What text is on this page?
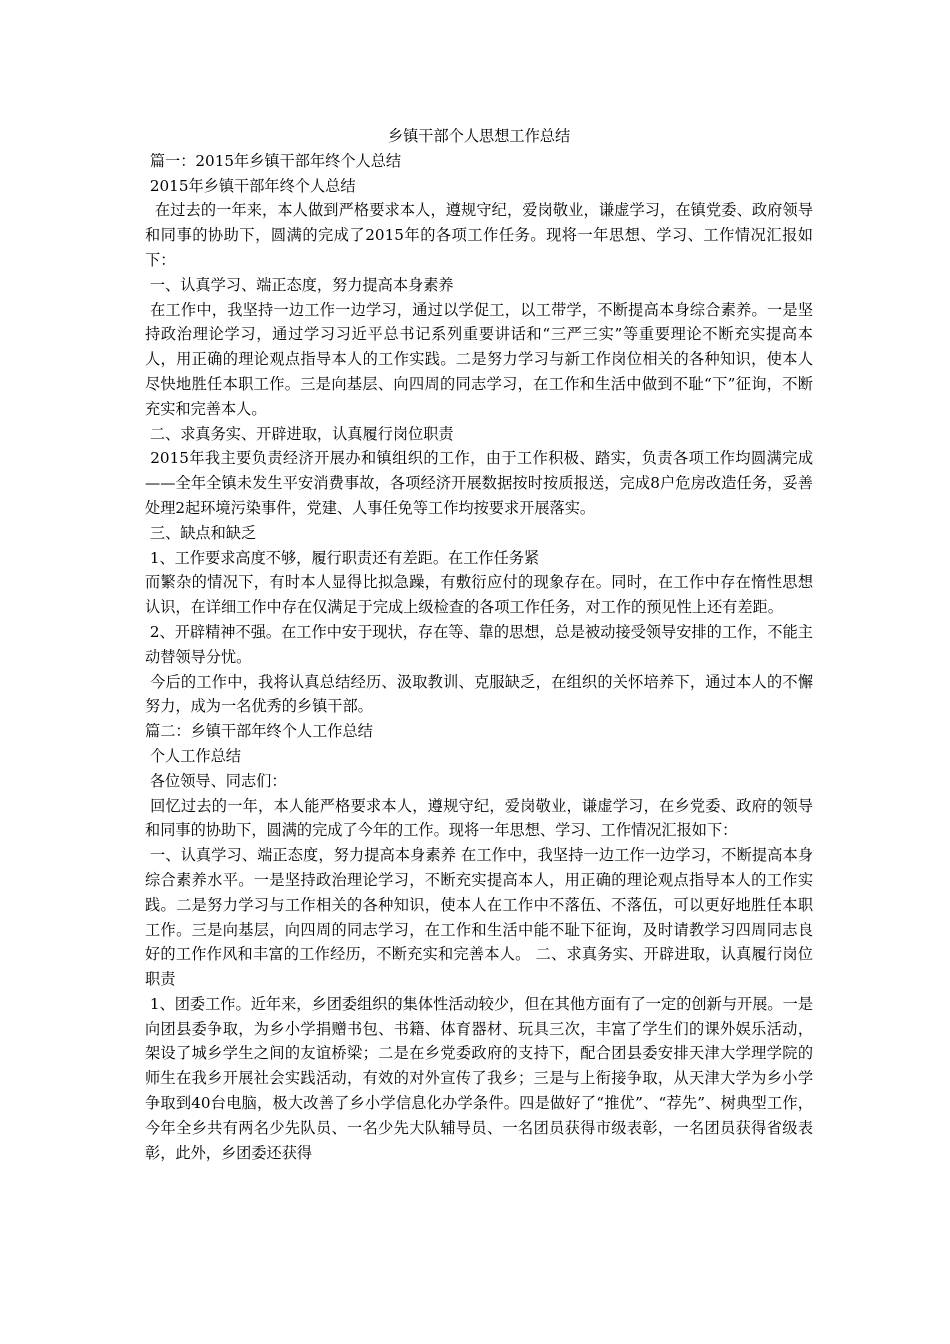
乡镇干部个人思想工作总结
篇一：2015年乡镇干部年终个人总结
2015年乡镇干部年终个人总结
在过去的一年来，本人做到严格要求本人，遵规守纪，爱岗敬业，谦虚学习，在镇党委、政府领导和同事的协助下，圆满的完成了2015年的各项工作任务。现将一年思想、学习、工作情况汇报如下：
一、认真学习、端正态度，努力提高本身素养
在工作中，我坚持一边工作一边学习，通过以学促工，以工带学，不断提高本身综合素养。一是坚持政治理论学习，通过学习习近平总书记系列重要讲话和“三严三实”等重要理论不断充实提高本人，用正确的理论观点指导本人的工作实践。二是努力学习与新工作岗位相关的各种知识，使本人尽快地胜任本职工作。三是向基层、向四周的同志学习，在工作和生活中做到不耻“下”征询，不断充实和完善本人。
二、求真务实、开辟进取，认真履行岗位职责
2015年我主要负责经济开展办和镇组织的工作，由于工作积极、踏实，负责各项工作均圆满完成——全年全镇未发生平安消费事故，各项经济开展数据按时按质报送，完成8户危房改造任务，妥善处理2起环境污染事件，党建、人事任免等工作均按要求开展落实。
三、缺点和缺乏
1、工作要求高度不够，履行职责还有差距。在工作任务紧
而繁杂的情况下，有时本人显得比拟急躁，有敷衍应付的现象存在。同时，在工作中存在惰性思想认识，在详细工作中存在仅满足于完成上级检查的各项工作任务，对工作的预见性上还有差距。
2、开辟精神不强。在工作中安于现状，存在等、靠的思想，总是被动接受领导安排的工作，不能主动替领导分忧。
今后的工作中，我将认真总结经历、汲取教训、克服缺乏，在组织的关怀培养下，通过本人的不懈努力，成为一名优秀的乡镇干部。
篇二：乡镇干部年终个人工作总结
个人工作总结
各位领导、同志们：
回忆过去的一年，本人能严格要求本人，遵规守纪，爱岗敬业，谦虚学习，在乡党委、政府的领导和同事的协助下，圆满的完成了今年的工作。现将一年思想、学习、工作情况汇报如下：
一、认真学习、端正态度，努力提高本身素养 在工作中，我坚持一边工作一边学习，不断提高本身综合素养水平。一是坚持政治理论学习，不断充实提高本人，用正确的理论观点指导本人的工作实践。二是努力学习与工作相关的各种知识，使本人在工作中不落伍、不落伍，可以更好地胜任本职工作。三是向基层，向四周的同志学习，在工作和生活中能不耻下征询，及时请教学习四周同志良好的工作作风和丰富的工作经历，不断充实和完善本人。 二、求真务实、开辟进取，认真履行岗位职责
1、团委工作。近年来，乡团委组织的集体性活动较少，但在其他方面有了一定的创新与开展。一是向团县委争取，为乡小学捐赠书包、书籍、体育器材、玩具三次，丰富了学生们的课外娱乐活动，架设了城乡学生之间的友谊桥梁；二是在乡党委政府的支持下，配合团县委安排天津大学理学院的师生在我乡开展社会实践活动，有效的对外宣传了我乡；三是与上衔接争取，从天津大学为乡小学争取到40台电脑，极大改善了乡小学信息化办学条件。四是做好了“推优”、“荐先”、树典型工作，今年全乡共有两名少先队员、一名少先大队辅导员、一名团员获得市级表彰，一名团员获得省级表彰，此外，乡团委还获得
